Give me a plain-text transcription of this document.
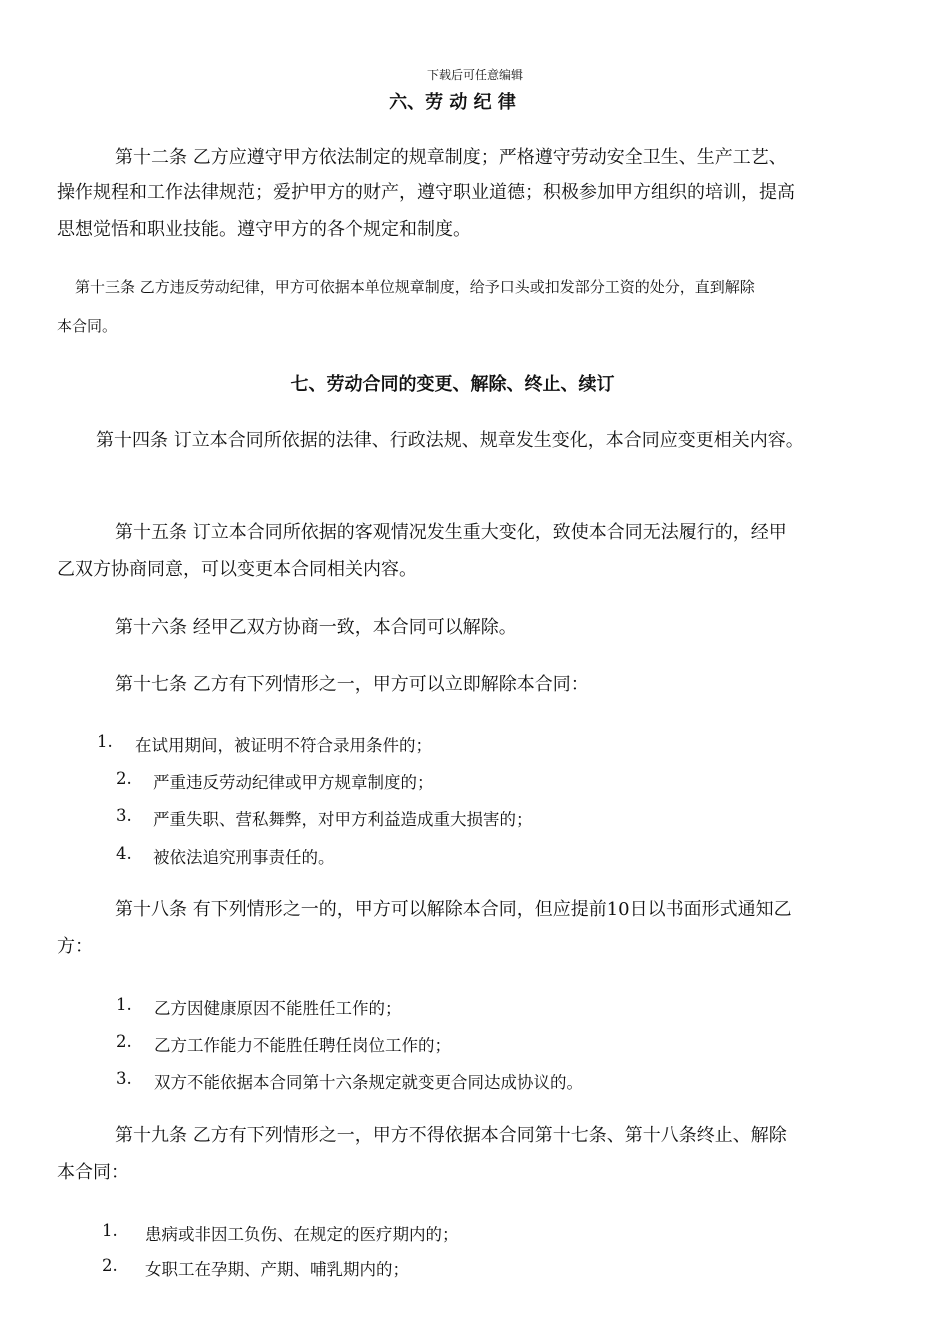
下载后可任意编辑
六、劳 动 纪 律
第十二条 乙方应遵守甲方依法制定的规章制度；严格遵守劳动安全卫生、生产工艺、
操作规程和工作法律规范；爱护甲方的财产，遵守职业道德；积极参加甲方组织的培训，提高
思想觉悟和职业技能。遵守甲方的各个规定和制度。
第十三条 乙方违反劳动纪律，甲方可依据本单位规章制度，给予口头或扣发部分工资的处分，直到解除
本合同。
七、劳动合同的变更、解除、终止、续订
第十四条 订立本合同所依据的法律、行政法规、规章发生变化，本合同应变更相关内容。
第十五条 订立本合同所依据的客观情况发生重大变化，致使本合同无法履行的，经甲
乙双方协商同意，可以变更本合同相关内容。
第十六条 经甲乙双方协商一致，本合同可以解除。
第十七条 乙方有下列情形之一，甲方可以立即解除本合同：
1. 在试用期间，被证明不符合录用条件的；
2. 严重违反劳动纪律或甲方规章制度的；
3. 严重失职、营私舞弊，对甲方利益造成重大损害的；
4. 被依法追究刑事责任的。
第十八条 有下列情形之一的，甲方可以解除本合同，但应提前10日以书面形式通知乙
方：
1. 乙方因健康原因不能胜任工作的；
2. 乙方工作能力不能胜任聘任岗位工作的；
3. 双方不能依据本合同第十六条规定就变更合同达成协议的。
第十九条 乙方有下列情形之一，甲方不得依据本合同第十七条、第十八条终止、解除
本合同：
1. 患病或非因工负伤、在规定的医疗期内的；
2. 女职工在孕期、产期、哺乳期内的；
